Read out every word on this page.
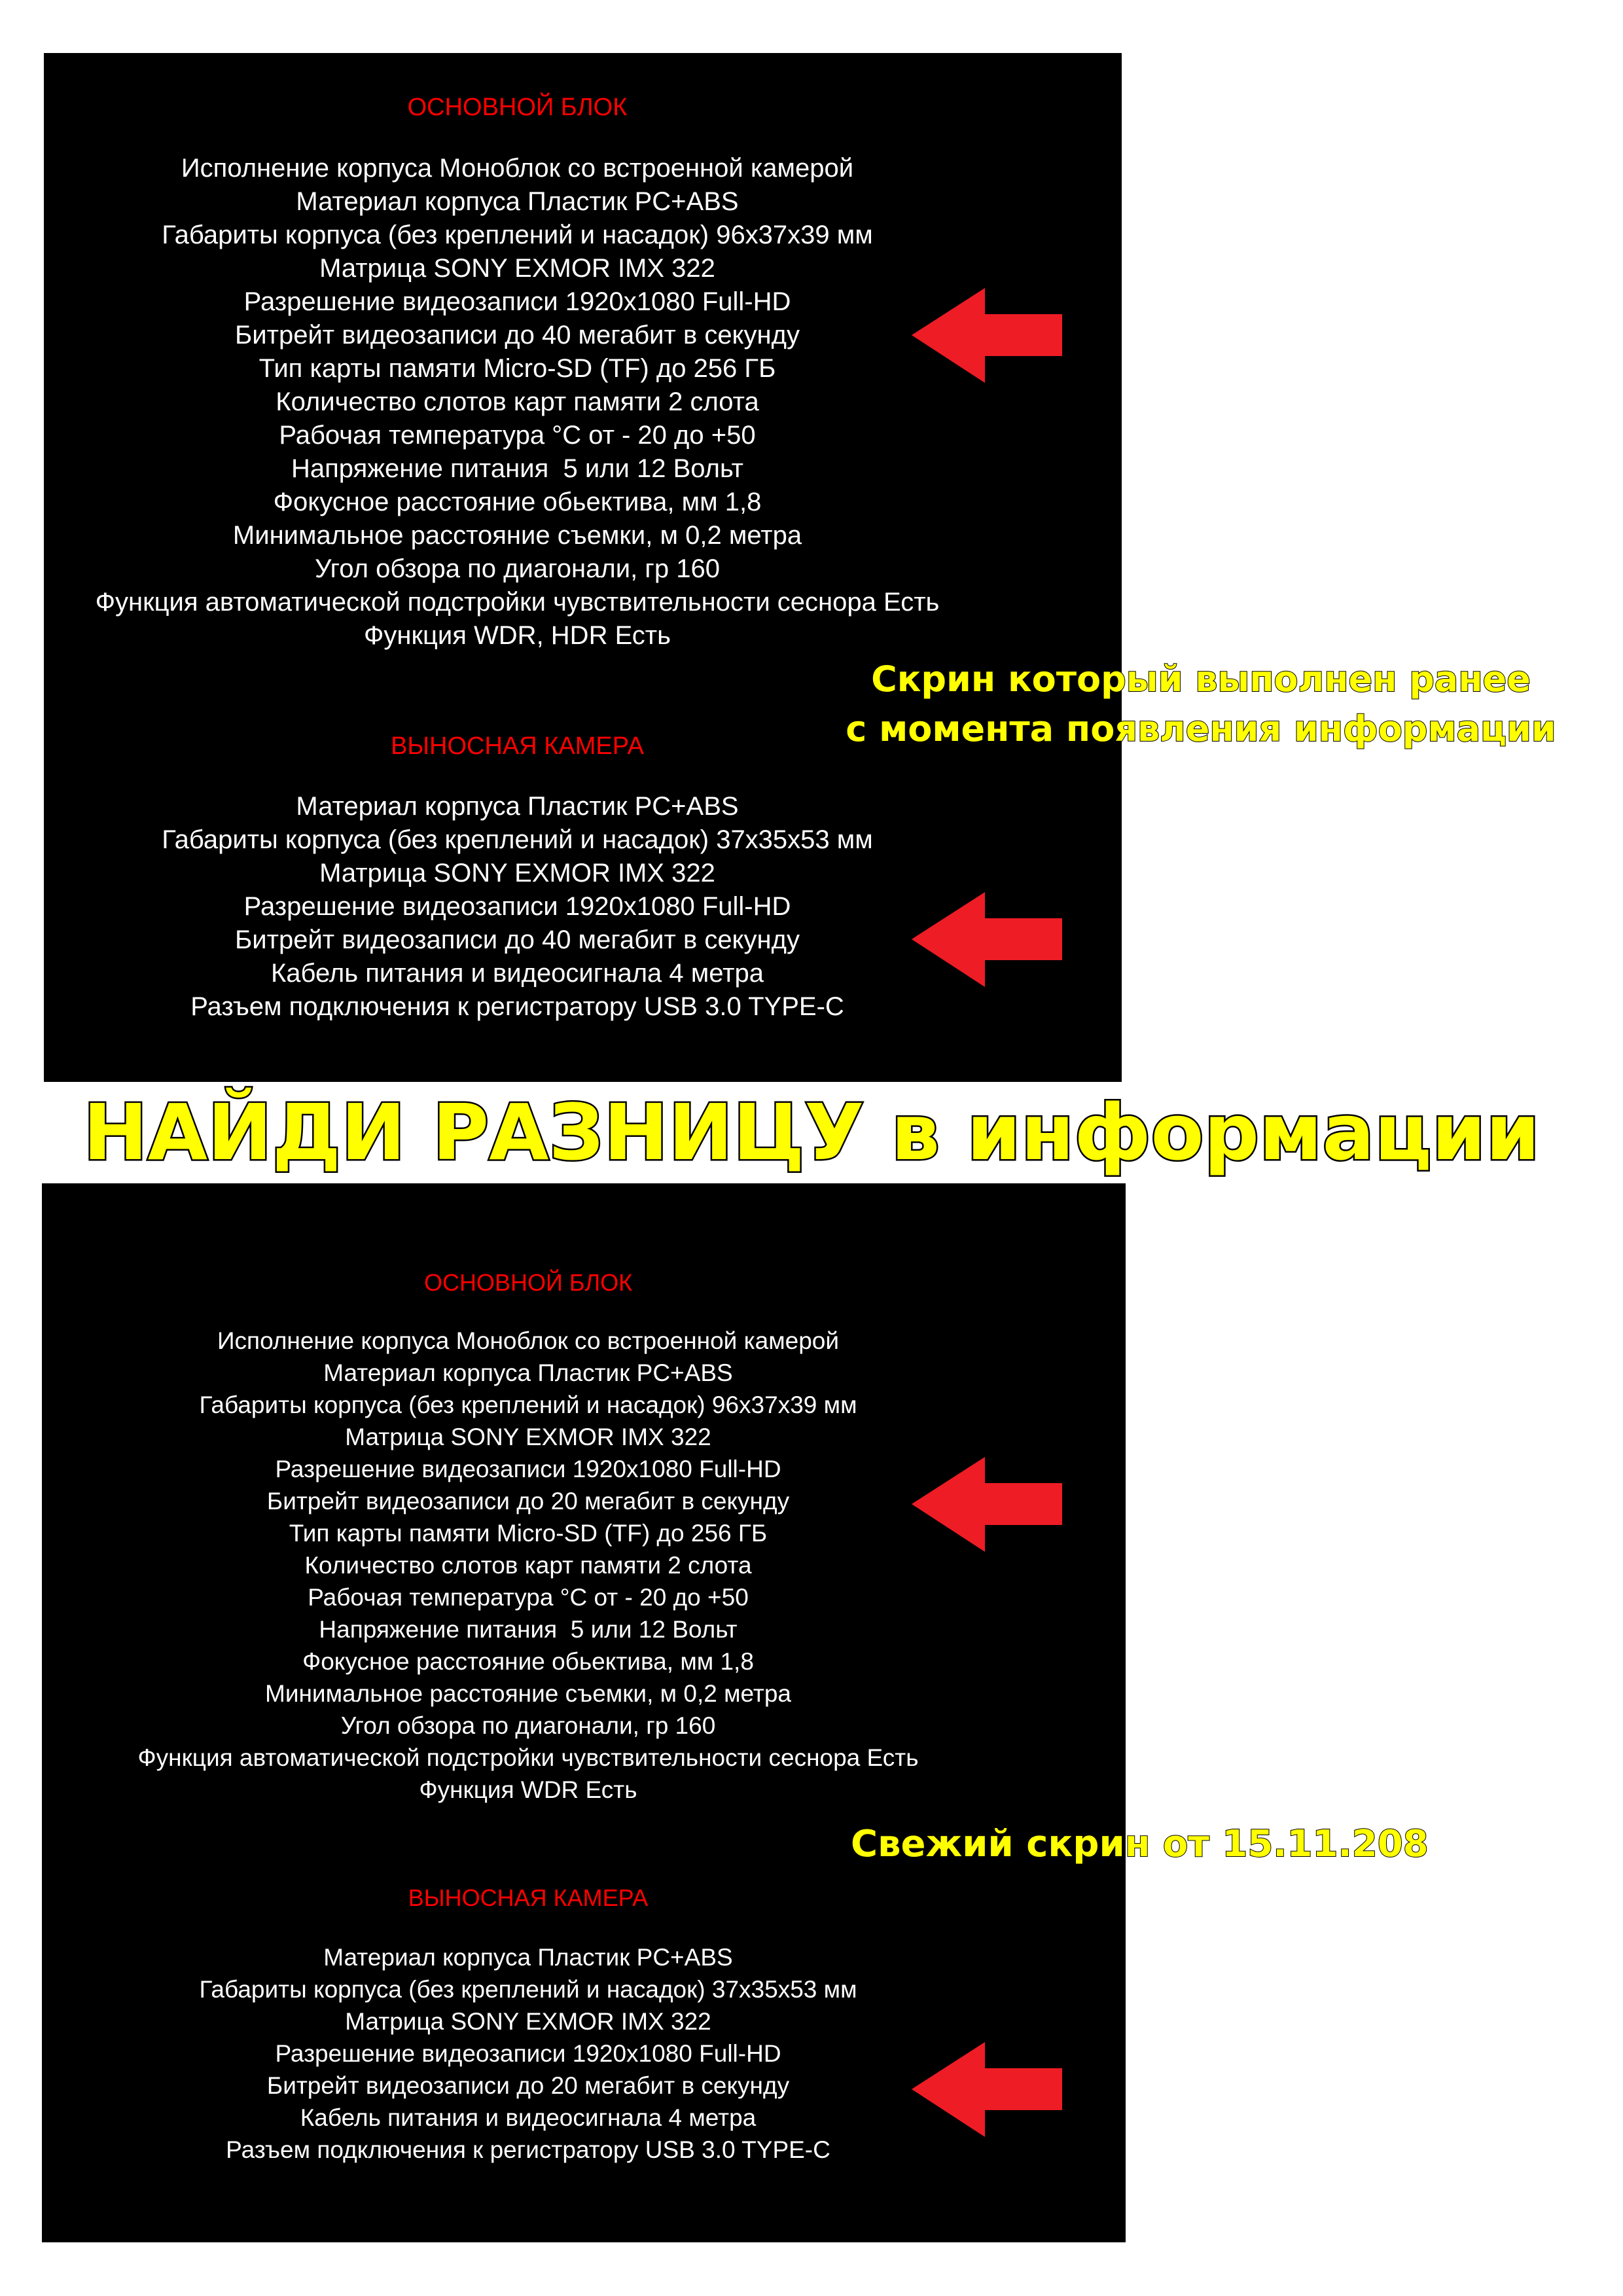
ОСНОВНОЙ БЛОК
Исполнение корпуса Моноблок со встроенной камерой
Материал корпуса Пластик PC+ABS
Габариты корпуса (без креплений и насадок) 96х37х39 мм
Матрица SONY EXMOR IMX 322
Разрешение видеозаписи 1920x1080 Full-HD
Битрейт видеозаписи до 40 мегабит в секунду
Тип карты памяти Micro-SD (TF) до 256 ГБ
Количество слотов карт памяти 2 слота
Рабочая температура °С от - 20 до +50
Напряжение питания  5 или 12 Вольт
Фокусное расстояние обьектива, мм 1,8
Минимальное расстояние съемки, м 0,2 метра
Угол обзора по диагонали, гр 160
Функция автоматической подстройки чувствительности сеснора Есть
Функция WDR, HDR Есть
ВЫНОСНАЯ КАМЕРА
Материал корпуса Пластик PC+ABS
Габариты корпуса (без креплений и насадок) 37х35х53 мм
Матрица SONY EXMOR IMX 322
Разрешение видеозаписи 1920x1080 Full-HD
Битрейт видеозаписи до 40 мегабит в секунду
Кабель питания и видеосигнала 4 метра
Разъем подключения к регистратору USB 3.0 TYPE-C
Скрин который выполнен ранее
с момента появления информации
НАЙДИ РАЗНИЦУ в информации
ОСНОВНОЙ БЛОК
Исполнение корпуса Моноблок со встроенной камерой
Материал корпуса Пластик PC+ABS
Габариты корпуса (без креплений и насадок) 96х37х39 мм
Матрица SONY EXMOR IMX 322
Разрешение видеозаписи 1920x1080 Full-HD
Битрейт видеозаписи до 20 мегабит в секунду
Тип карты памяти Micro-SD (TF) до 256 ГБ
Количество слотов карт памяти 2 слота
Рабочая температура °С от - 20 до +50
Напряжение питания  5 или 12 Вольт
Фокусное расстояние обьектива, мм 1,8
Минимальное расстояние съемки, м 0,2 метра
Угол обзора по диагонали, гр 160
Функция автоматической подстройки чувствительности сеснора Есть
Функция WDR Есть
ВЫНОСНАЯ КАМЕРА
Материал корпуса Пластик PC+ABS
Габариты корпуса (без креплений и насадок) 37х35х53 мм
Матрица SONY EXMOR IMX 322
Разрешение видеозаписи 1920x1080 Full-HD
Битрейт видеозаписи до 20 мегабит в секунду
Кабель питания и видеосигнала 4 метра
Разъем подключения к регистратору USB 3.0 TYPE-C
Свежий скрин от 15.11.208
